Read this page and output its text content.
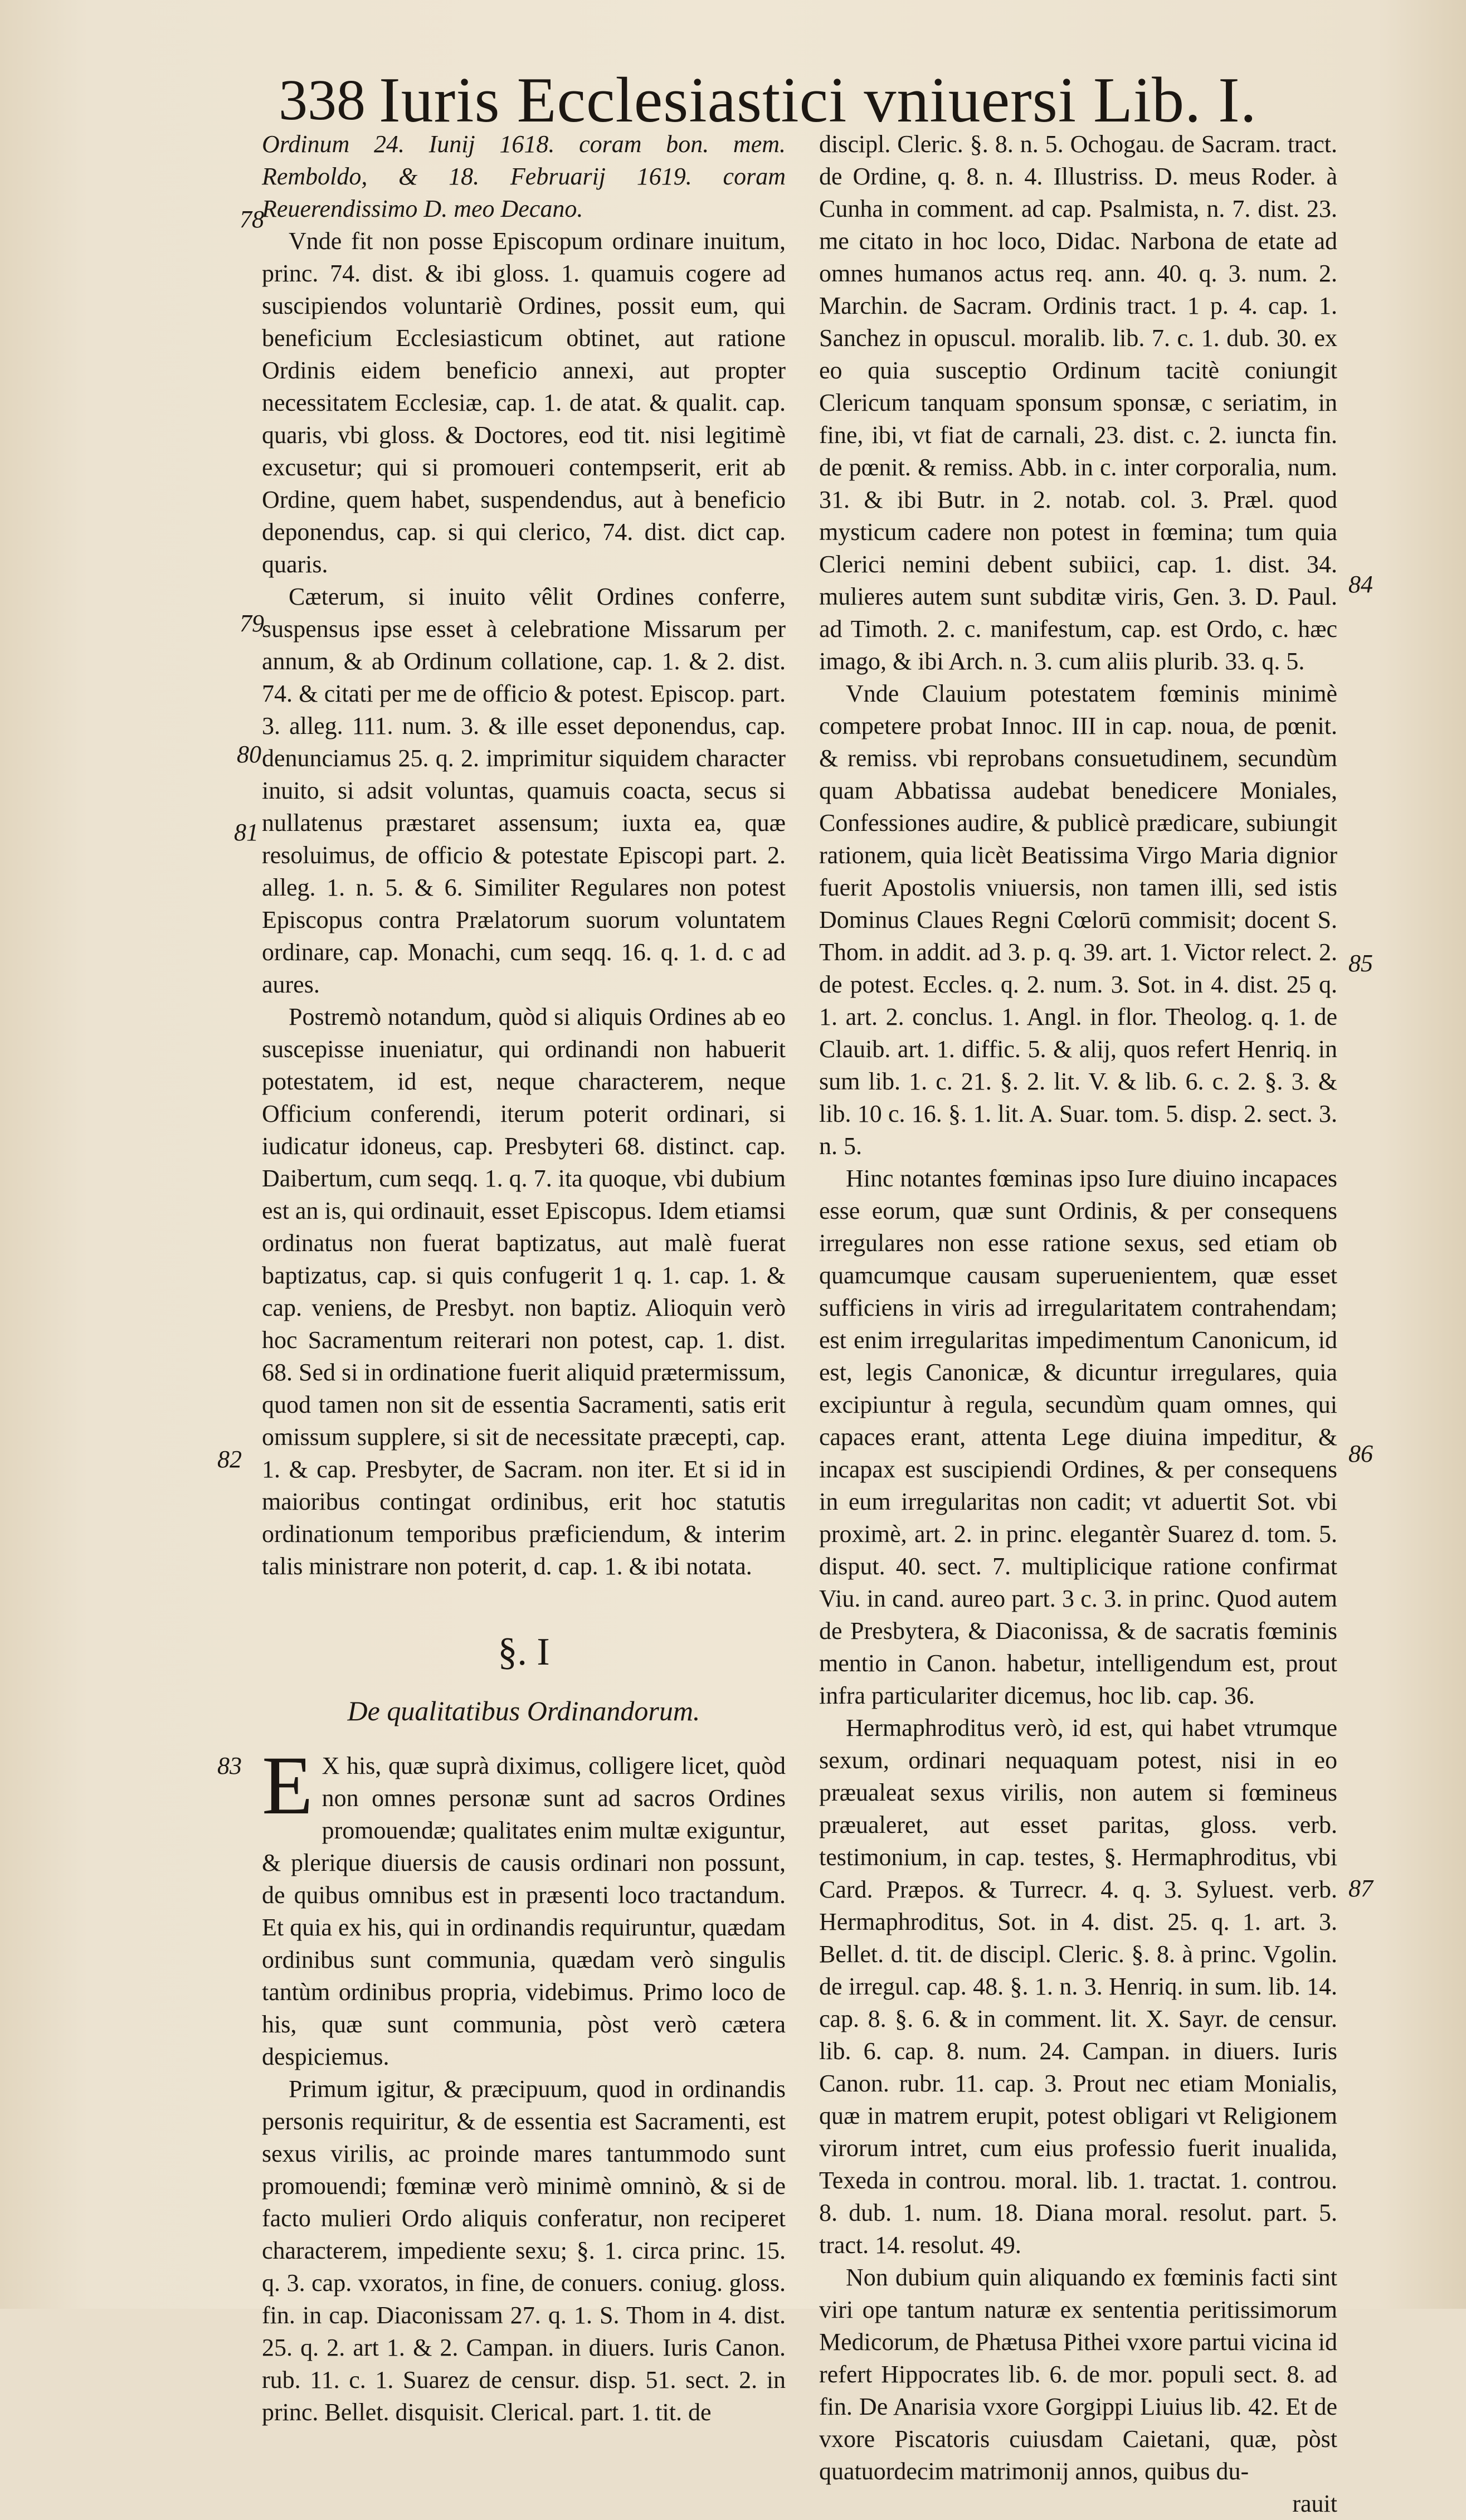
338 Iuris Ecclesiastici vniuersi Lib. I.
78
79
80
81
82
83
84
85
86
87

Ordinum 24. Iunij 1618. coram bon. mem. Remboldo, & 18. Februarij 1619. coram Reuerendissimo D. meo Decano.

Vnde fit non posse Episcopum ordinare inuitum, princ. 74. dist. & ibi gloss. 1. quamuis cogere ad suscipiendos voluntariè Ordines, possit eum, qui beneficium Ecclesiasticum obtinet, aut ratione Ordinis eidem beneficio annexi, aut propter necessitatem Ecclesiæ, cap. 1. de atat. & qualit. cap. quaris, vbi gloss. & Doctores, eod tit. nisi legitimè excusetur; qui si promoueri contempserit, erit ab Ordine, quem habet, suspendendus, aut à beneficio deponendus, cap. si qui clerico, 74. dist. dict cap. quaris.

Cæterum, si inuito vêlit Ordines conferre, suspensus ipse esset à celebratione Missarum per annum, & ab Ordinum collatione, cap. 1. & 2. dist. 74. & citati per me de officio & potest. Episcop. part. 3. alleg. 111. num. 3. & ille esset deponendus, cap. denunciamus 25. q. 2. imprimitur siquidem character inuito, si adsit voluntas, quamuis coacta, secus si nullatenus præstaret assensum; iuxta ea, quæ resoluimus, de officio & potestate Episcopi part. 2. alleg. 1. n. 5. & 6. Similiter Regulares non potest Episcopus contra Prælatorum suorum voluntatem ordinare, cap. Monachi, cum seqq. 16. q. 1. d. c ad aures.

Postremò notandum, quòd si aliquis Ordines ab eo suscepisse inueniatur, qui ordinandi non habuerit potestatem, id est, neque characterem, neque Officium conferendi, iterum poterit ordinari, si iudicatur idoneus, cap. Presbyteri 68. distinct. cap. Daibertum, cum seqq. 1. q. 7. ita quoque, vbi dubium est an is, qui ordinauit, esset Episcopus. Idem etiamsi ordinatus non fuerat baptizatus, aut malè fuerat baptizatus, cap. si quis confugerit 1 q. 1. cap. 1. & cap. veniens, de Presbyt. non baptiz. Alioquin verò hoc Sacramentum reiterari non potest, cap. 1. dist. 68. Sed si in ordinatione fuerit aliquid prætermissum, quod tamen non sit de essentia Sacramenti, satis erit omissum supplere, si sit de necessitate præcepti, cap. 1. & cap. Presbyter, de Sacram. non iter. Et si id in maioribus contingat ordinibus, erit hoc statutis ordinationum temporibus præficiendum, & interim talis ministrare non poterit, d. cap. 1. & ibi notata.

§. I
De qualitatibus Ordinandorum.

E X his, quæ suprà diximus, colligere licet, quòd non omnes personæ sunt ad sacros Ordines promouendæ; qualitates enim multæ exiguntur, & plerique diuersis de causis ordinari non possunt, de quibus omnibus est in præsenti loco tractandum. Et quia ex his, qui in ordinandis requiruntur, quædam ordinibus sunt communia, quædam verò singulis tantùm ordinibus propria, videbimus. Primo loco de his, quæ sunt communia, pòst verò cætera despiciemus.

Primum igitur, & præcipuum, quod in ordinandis personis requiritur, & de essentia est Sacramenti, est sexus virilis, ac proinde mares tantummodo sunt promouendi; fœminæ verò minimè omninò, & si de facto mulieri Ordo aliquis conferatur, non reciperet characterem, impediente sexu; §. 1. circa princ. 15. q. 3. cap. vxoratos, in fine, de conuers. coniug. gloss. fin. in cap. Diaconissam 27. q. 1. S. Thom in 4. dist. 25. q. 2. art 1. & 2. Campan. in diuers. Iuris Canon. rub. 11. c. 1. Suarez de censur. disp. 51. sect. 2. in princ. Bellet. disquisit. Clerical. part. 1. tit. de

discipl. Cleric. §. 8. n. 5. Ochogau. de Sacram. tract. de Ordine, q. 8. n. 4. Illustriss. D. meus Roder. à Cunha in comment. ad cap. Psalmista, n. 7. dist. 23. me citato in hoc loco, Didac. Narbona de etate ad omnes humanos actus req. ann. 40. q. 3. num. 2. Marchin. de Sacram. Ordinis tract. 1 p. 4. cap. 1. Sanchez in opuscul. moralib. lib. 7. c. 1. dub. 30. ex eo quia susceptio Ordinum tacitè coniungit Clericum tanquam sponsum sponsæ, c seriatim, in fine, ibi, vt fiat de carnali, 23. dist. c. 2. iuncta fin. de pœnit. & remiss. Abb. in c. inter corporalia, num. 31. & ibi Butr. in 2. notab. col. 3. Præl. quod mysticum cadere non potest in fœmina; tum quia Clerici nemini debent subiici, cap. 1. dist. 34. mulieres autem sunt subditæ viris, Gen. 3. D. Paul. ad Timoth. 2. c. manifestum, cap. est Ordo, c. hæc imago, & ibi Arch. n. 3. cum aliis plurib. 33. q. 5.

Vnde Clauium potestatem fœminis minimè competere probat Innoc. III in cap. noua, de pœnit. & remiss. vbi reprobans consuetudinem, secundùm quam Abbatissa audebat benedicere Moniales, Confessiones audire, & publicè prædicare, subiungit rationem, quia licèt Beatissima Virgo Maria dignior fuerit Apostolis vniuersis, non tamen illi, sed istis Dominus Claues Regni Cœlorū commisit; docent S. Thom. in addit. ad 3. p. q. 39. art. 1. Victor relect. 2. de potest. Eccles. q. 2. num. 3. Sot. in 4. dist. 25 q. 1. art. 2. conclus. 1. Angl. in flor. Theolog. q. 1. de Clauib. art. 1. diffic. 5. & alij, quos refert Henriq. in sum lib. 1. c. 21. §. 2. lit. V. & lib. 6. c. 2. §. 3. & lib. 10 c. 16. §. 1. lit. A. Suar. tom. 5. disp. 2. sect. 3. n. 5.

Hinc notantes fœminas ipso Iure diuino incapaces esse eorum, quæ sunt Ordinis, & per consequens irregulares non esse ratione sexus, sed etiam ob quamcumque causam superuenientem, quæ esset sufficiens in viris ad irregularitatem contrahendam; est enim irregularitas impedimentum Canonicum, id est, legis Canonicæ, & dicuntur irregulares, quia excipiuntur à regula, secundùm quam omnes, qui capaces erant, attenta Lege diuina impeditur, & incapax est suscipiendi Ordines, & per consequens in eum irregularitas non cadit; vt aduertit Sot. vbi proximè, art. 2. in princ. elegantèr Suarez d. tom. 5. disput. 40. sect. 7. multiplicique ratione confirmat Viu. in cand. aureo part. 3 c. 3. in princ. Quod autem de Presbytera, & Diaconissa, & de sacratis fœminis mentio in Canon. habetur, intelligendum est, prout infra particulariter dicemus, hoc lib. cap. 36.

Hermaphroditus verò, id est, qui habet vtrumque sexum, ordinari nequaquam potest, nisi in eo præualeat sexus virilis, non autem si fœmineus præualeret, aut esset paritas, gloss. verb. testimonium, in cap. testes, §. Hermaphroditus, vbi Card. Præpos. & Turrecr. 4. q. 3. Syluest. verb. Hermaphroditus, Sot. in 4. dist. 25. q. 1. art. 3. Bellet. d. tit. de discipl. Cleric. §. 8. à princ. Vgolin. de irregul. cap. 48. §. 1. n. 3. Henriq. in sum. lib. 14. cap. 8. §. 6. & in comment. lit. X. Sayr. de censur. lib. 6. cap. 8. num. 24. Campan. in diuers. Iuris Canon. rubr. 11. cap. 3. Prout nec etiam Monialis, quæ in matrem erupit, potest obligari vt Religionem virorum intret, cum eius professio fuerit inualida, Texeda in controu. moral. lib. 1. tractat. 1. controu. 8. dub. 1. num. 18. Diana moral. resolut. part. 5. tract. 14. resolut. 49.

Non dubium quin aliquando ex fœminis facti sint viri ope tantum naturæ ex sententia peritissimorum Medicorum, de Phætusa Pithei vxore partui vicina id refert Hippocrates lib. 6. de mor. populi sect. 8. ad fin. De Anarisia vxore Gorgippi Liuius lib. 42. Et de vxore Piscatoris cuiusdam Caietani, quæ, pòst quatuordecim matrimonij annos, quibus du-

rauit
